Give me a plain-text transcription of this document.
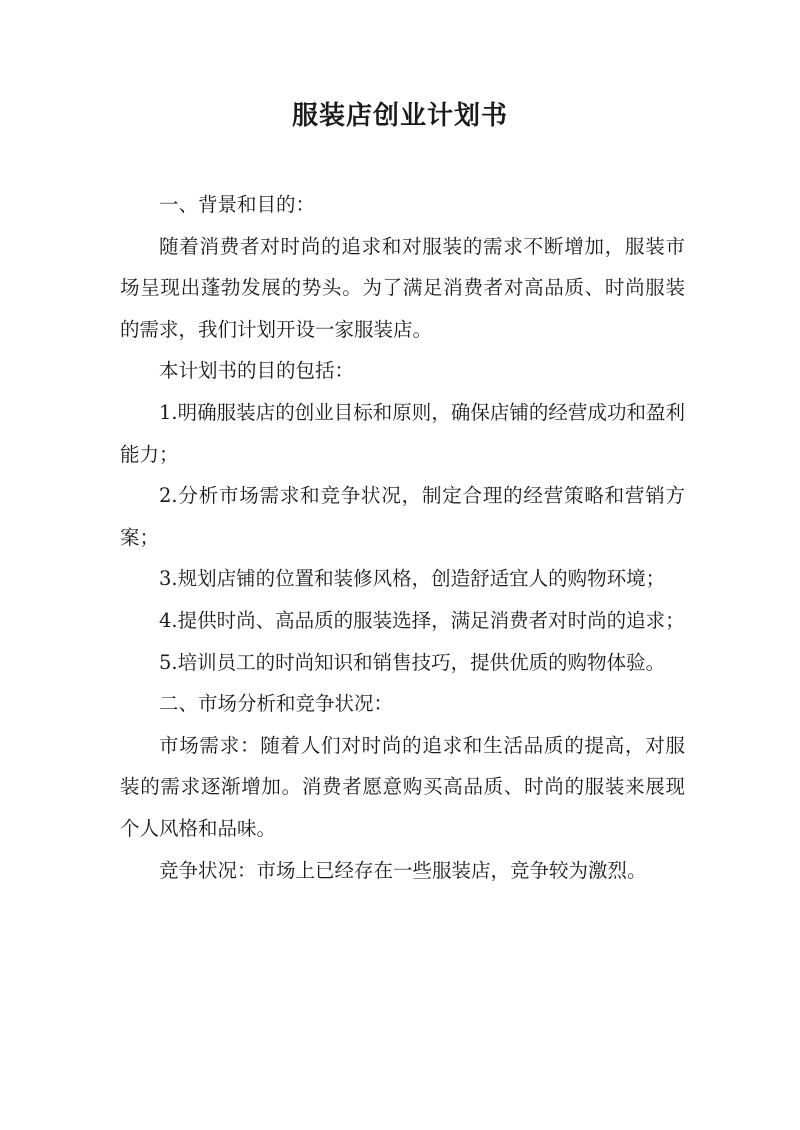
服装店创业计划书

一、背景和目的：

随着消费者对时尚的追求和对服装的需求不断增加，服装市场呈现出蓬勃发展的势头。为了满足消费者对高品质、时尚服装的需求，我们计划开设一家服装店。

本计划书的目的包括：

1.明确服装店的创业目标和原则，确保店铺的经营成功和盈利能力；

2.分析市场需求和竞争状况，制定合理的经营策略和营销方案；

3.规划店铺的位置和装修风格，创造舒适宜人的购物环境；

4.提供时尚、高品质的服装选择，满足消费者对时尚的追求；

5.培训员工的时尚知识和销售技巧，提供优质的购物体验。

二、市场分析和竞争状况：

市场需求：随着人们对时尚的追求和生活品质的提高，对服装的需求逐渐增加。消费者愿意购买高品质、时尚的服装来展现个人风格和品味。

竞争状况：市场上已经存在一些服装店，竞争较为激烈。
